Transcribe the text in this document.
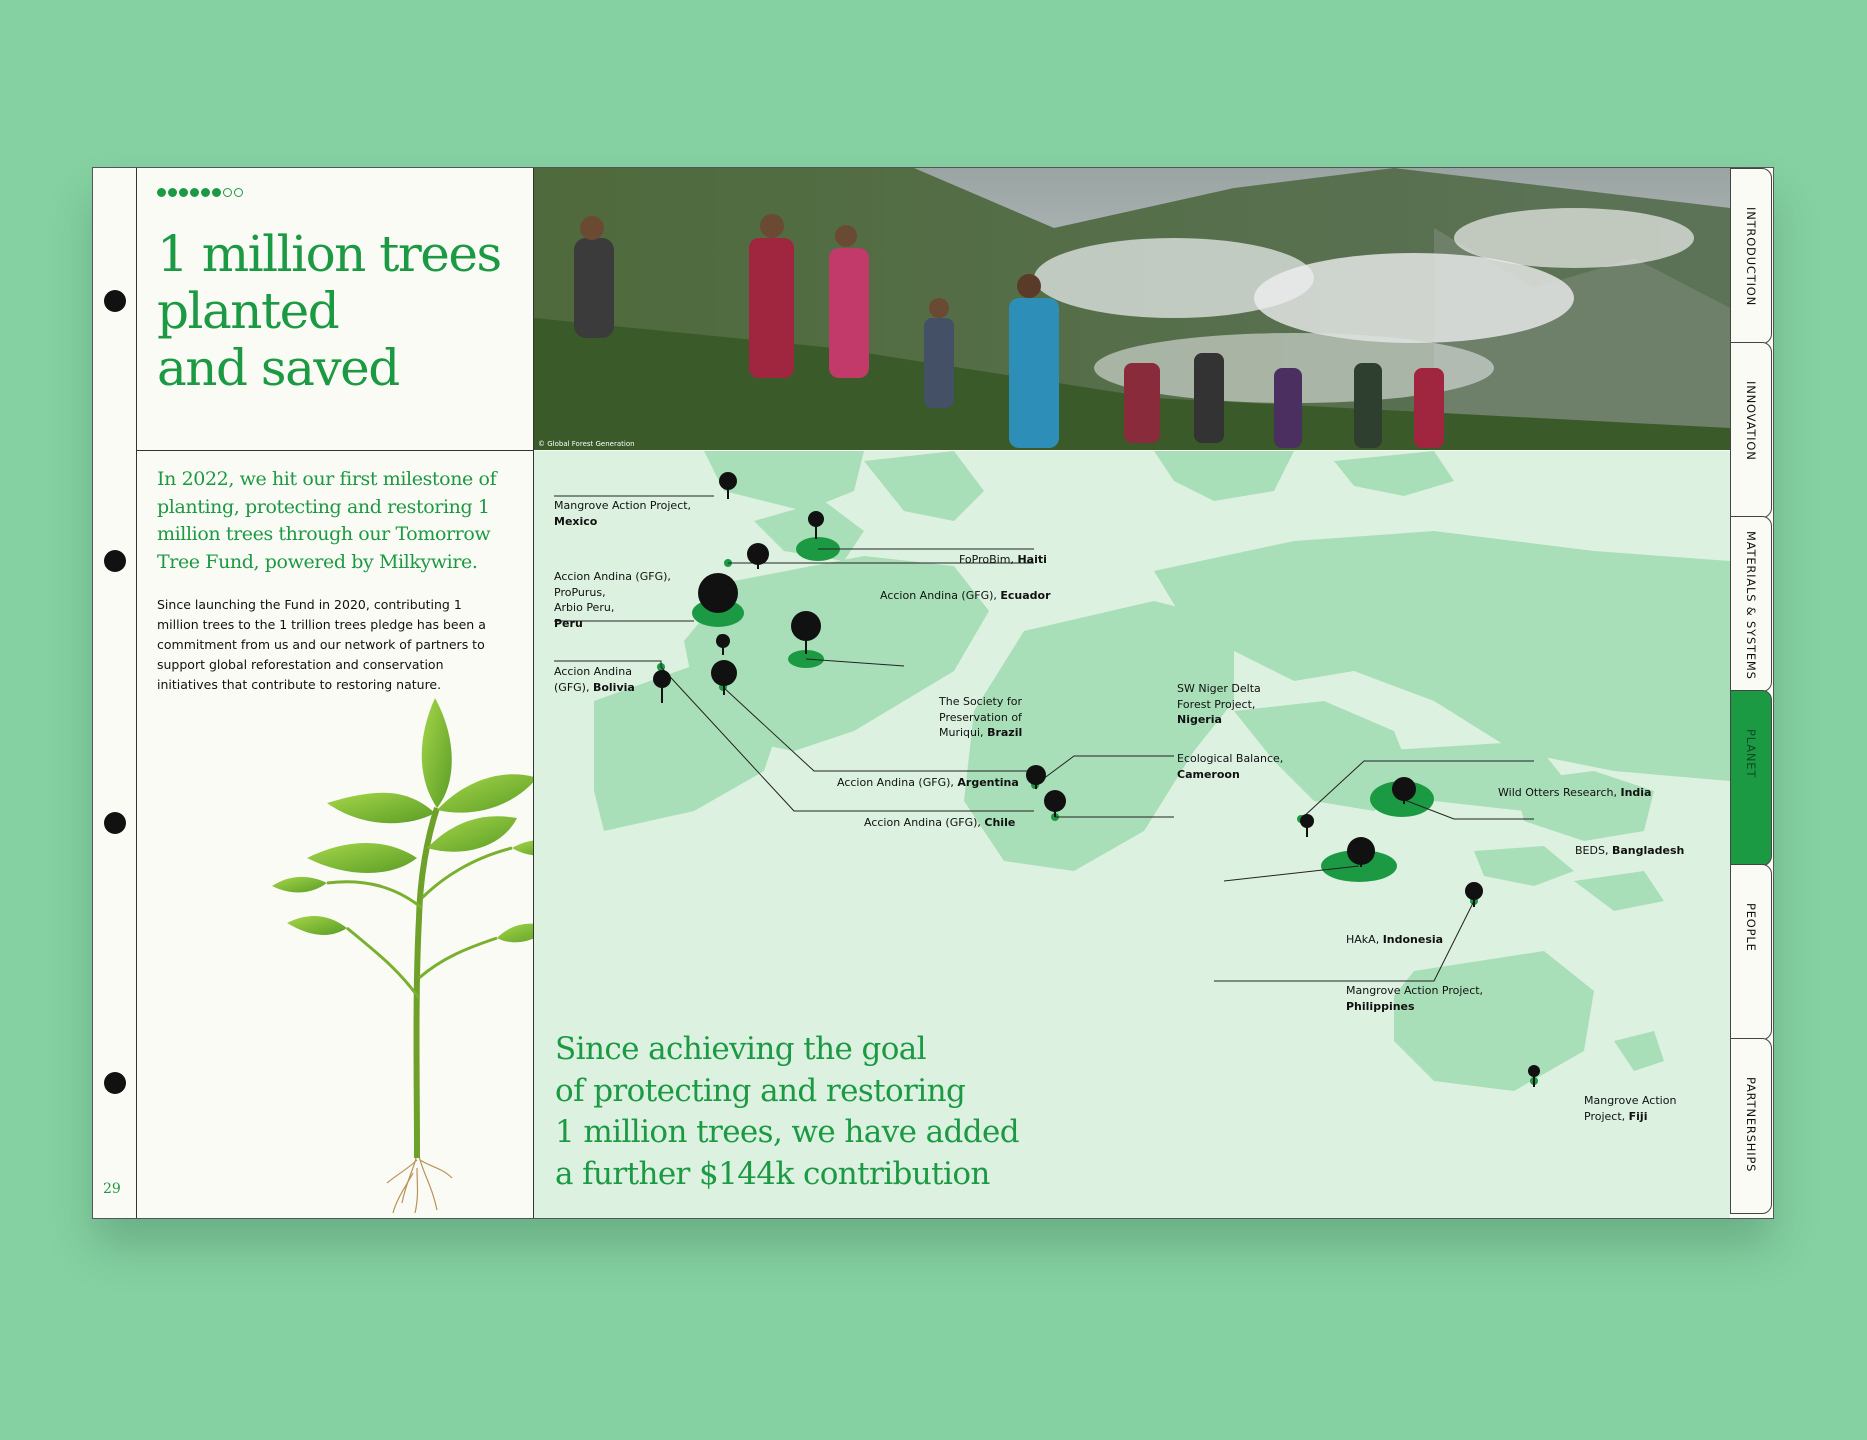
29
1 million trees
planted
and saved
In 2022, we hit our first milestone of planting, protecting and restoring 1 million trees through our Tomorrow Tree Fund, powered by Milkywire.
Since launching the Fund in 2020, contributing 1 million trees to the 1 trillion trees pledge has been a commitment from us and our network of partners to support global reforestation and conservation initiatives that contribute to restoring nature.
© Global Forest Generation
Mangrove Action Project,
Mexico
FoProBim, Haiti
Accion Andina (GFG), Ecuador
Accion Andina (GFG),
ProPurus,
Arbio Peru,
Peru
Accion Andina
(GFG), Bolivia
The Society for
Preservation of
Muriqui, Brazil
Accion Andina (GFG), Argentina
Accion Andina (GFG), Chile
SW Niger Delta
Forest Project,
Nigeria
Ecological Balance,
Cameroon
Wild Otters Research, India
BEDS, Bangladesh
HAkA, Indonesia
Mangrove Action Project,
Philippines
Mangrove Action
Project, Fiji
Since achieving the goal
of protecting and restoring
1 million trees, we have added
a further $144k contribution
INTRODUCTION
INNOVATION
MATERIALS & SYSTEMS
PLANET
PEOPLE
PARTNERSHIPS
